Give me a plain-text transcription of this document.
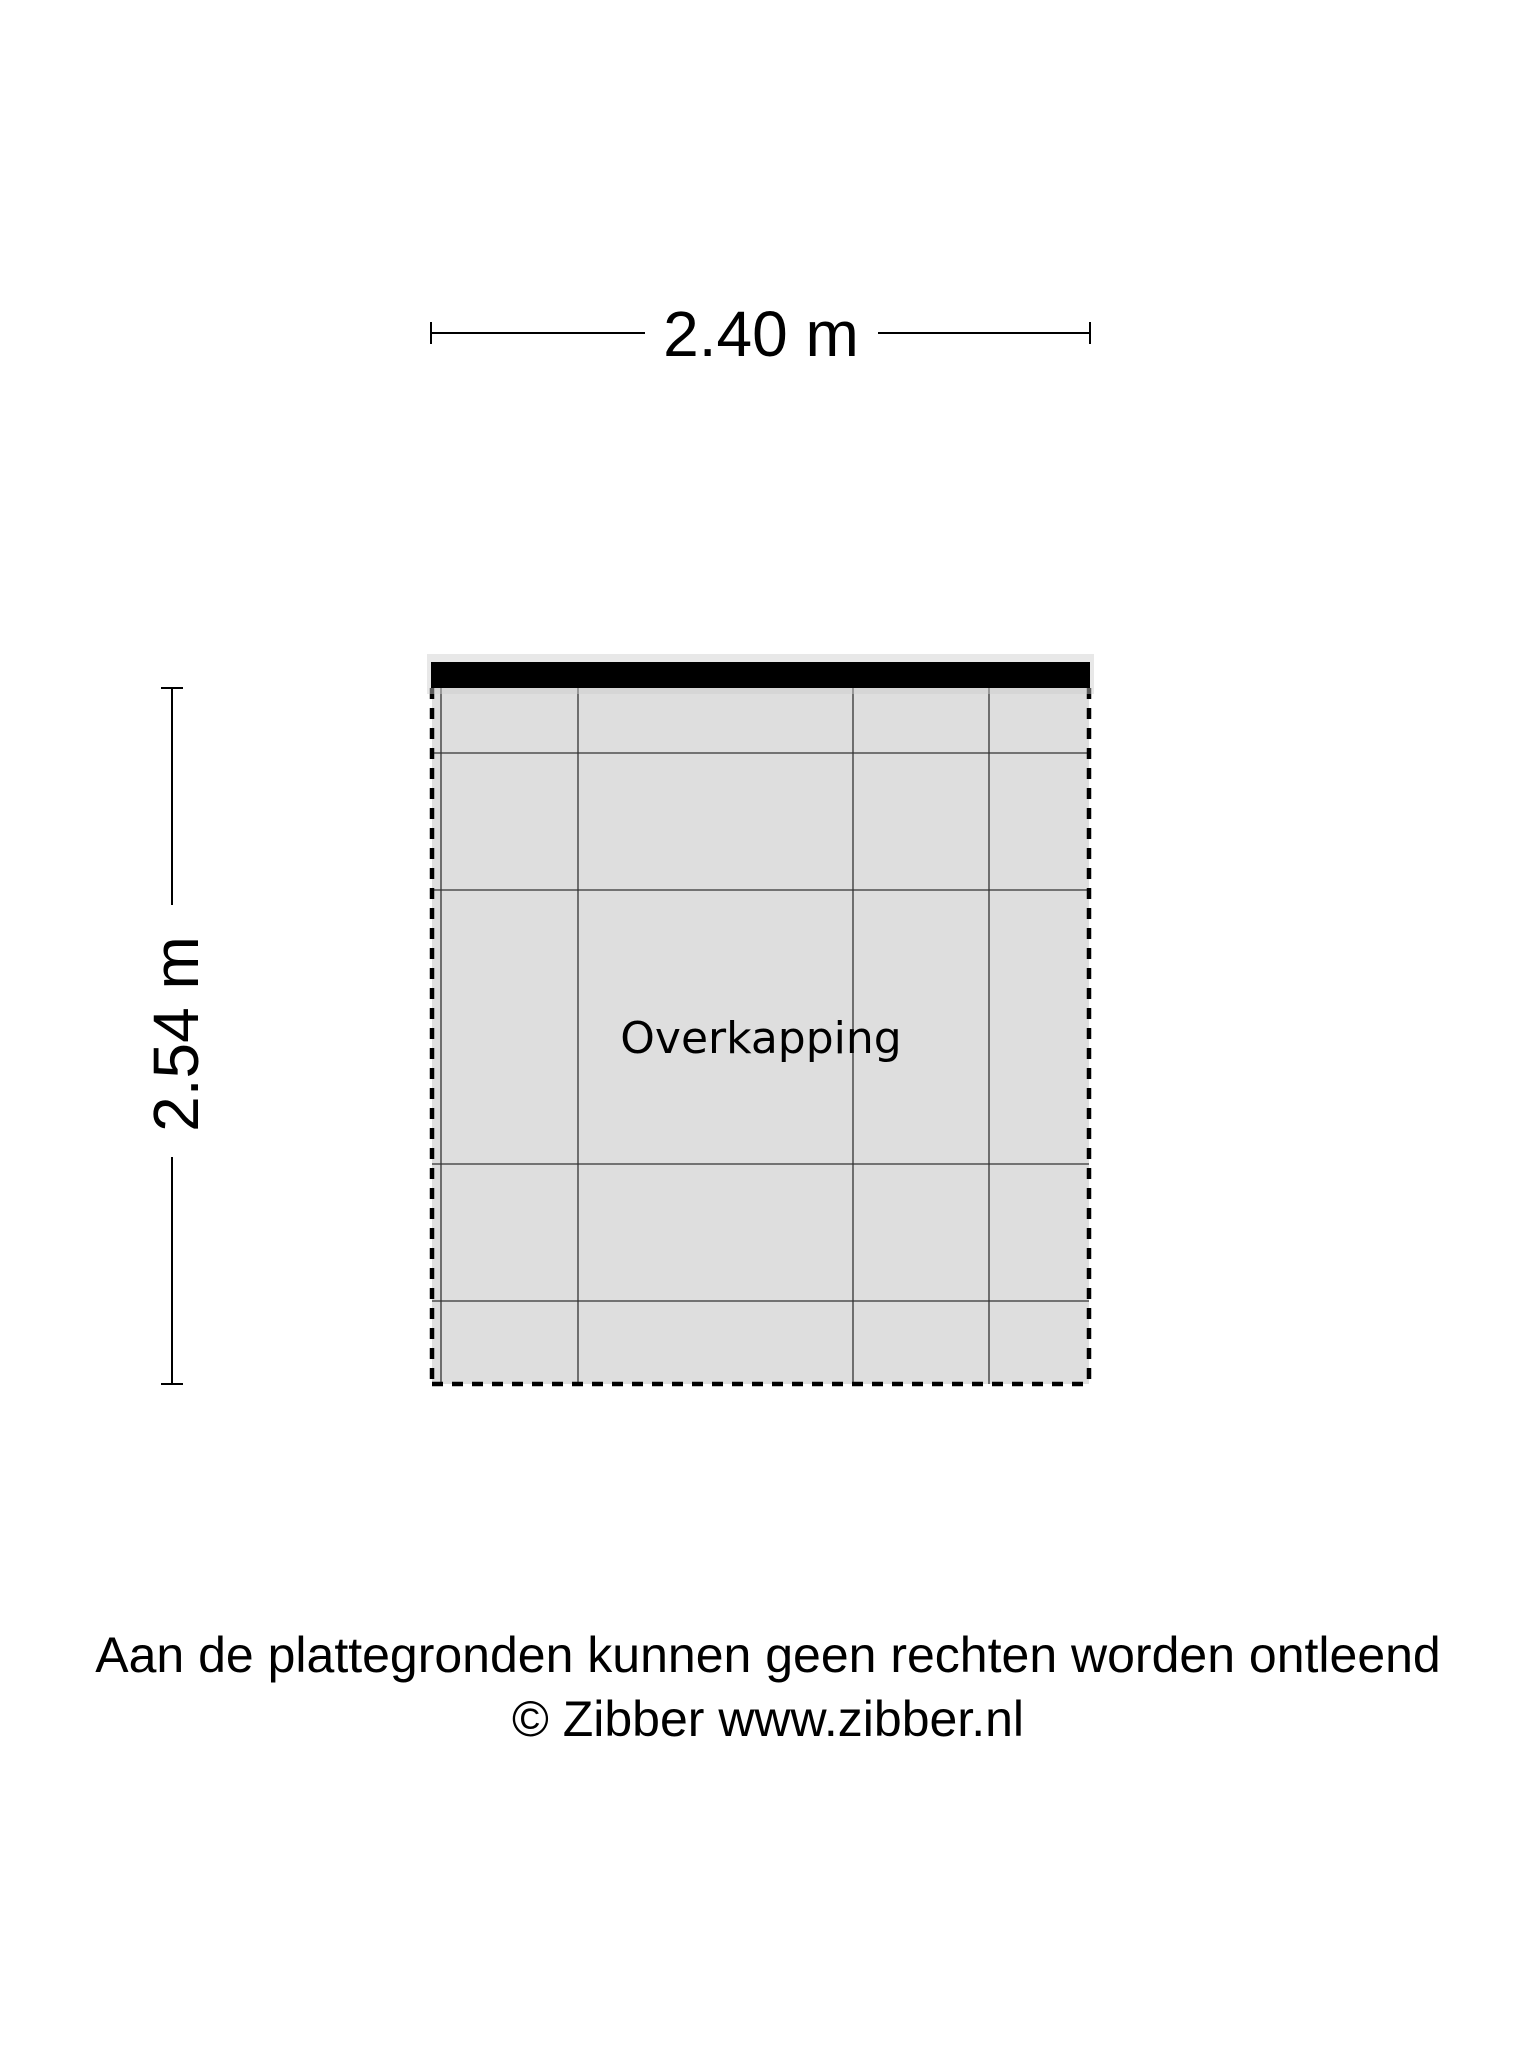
2.40 m
2.54 m	Overkapping
Aan de plattegronden kunnen geen rechten worden ontleend
© Zibber www.zibber.nl
